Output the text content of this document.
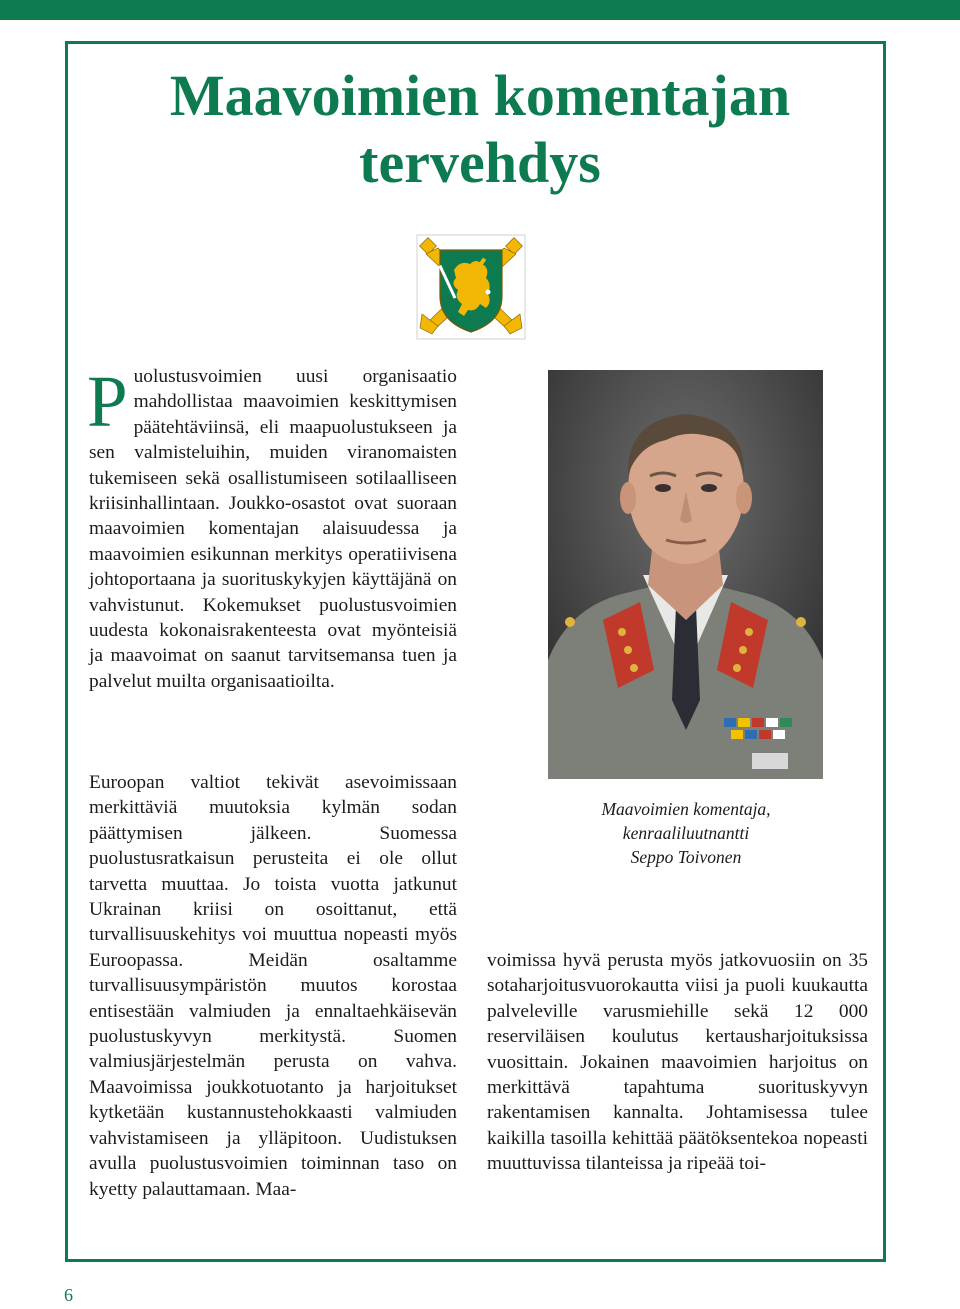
Maavoimien komentajan
tervehdys
P uolustusvoimien uusi organisaatio mahdollistaa maavoimien keskittymisen päätehtäviinsä, eli maapuolustukseen ja sen valmisteluihin, muiden viranomaisten tukemiseen sekä osallistumiseen sotilaalliseen kriisinhallintaan. Joukko-osastot ovat suoraan maavoimien komentajan alaisuudessa ja maavoimien esikunnan merkitys operatiivisena johtoportaana ja suorituskykyjen käyttäjänä on vahvistunut. Kokemukset puolustusvoimien uudesta kokonaisrakenteesta ovat myönteisiä ja maavoimat on saanut tarvitsemansa tuen ja palvelut muilta organisaatioilta.

Euroopan valtiot tekivät asevoimissaan merkittäviä muutoksia kylmän sodan päättymisen jälkeen. Suomessa puolustusratkaisun perusteita ei ole ollut tarvetta muuttaa. Jo toista vuotta jatkunut Ukrainan kriisi on osoittanut, että turvallisuuskehitys voi muuttua nopeasti myös Euroopassa. Meidän osaltamme turvallisuusympäristön muutos korostaa entisestään valmiuden ja ennaltaehkäisevän puolustuskyvyn merkitystä. Suomen valmiusjärjestelmän perusta on vahva. Maavoimissa joukkotuotanto ja harjoitukset kytketään kustannustehokkaasti valmiuden vahvistamiseen ja ylläpitoon. Uudistuksen avulla puolustusvoimien toiminnan taso on kyetty palauttamaan. Maa-

Maavoimien komentaja,
kenraaliluutnantti
Seppo Toivonen

voimissa hyvä perusta myös jatkovuosiin on 35 sotaharjoitusvuorokautta viisi ja puoli kuukautta palveleville varusmiehille sekä 12 000 reserviläisen koulutus kertausharjoituksissa vuosittain. Jokainen maavoimien harjoitus on merkittävä tapahtuma suorituskyvyn rakentamisen kannalta. Johtamisessa tulee kaikilla tasoilla kehittää päätöksentekoa nopeasti muuttuvissa tilanteissa ja ripeää toi-

6
